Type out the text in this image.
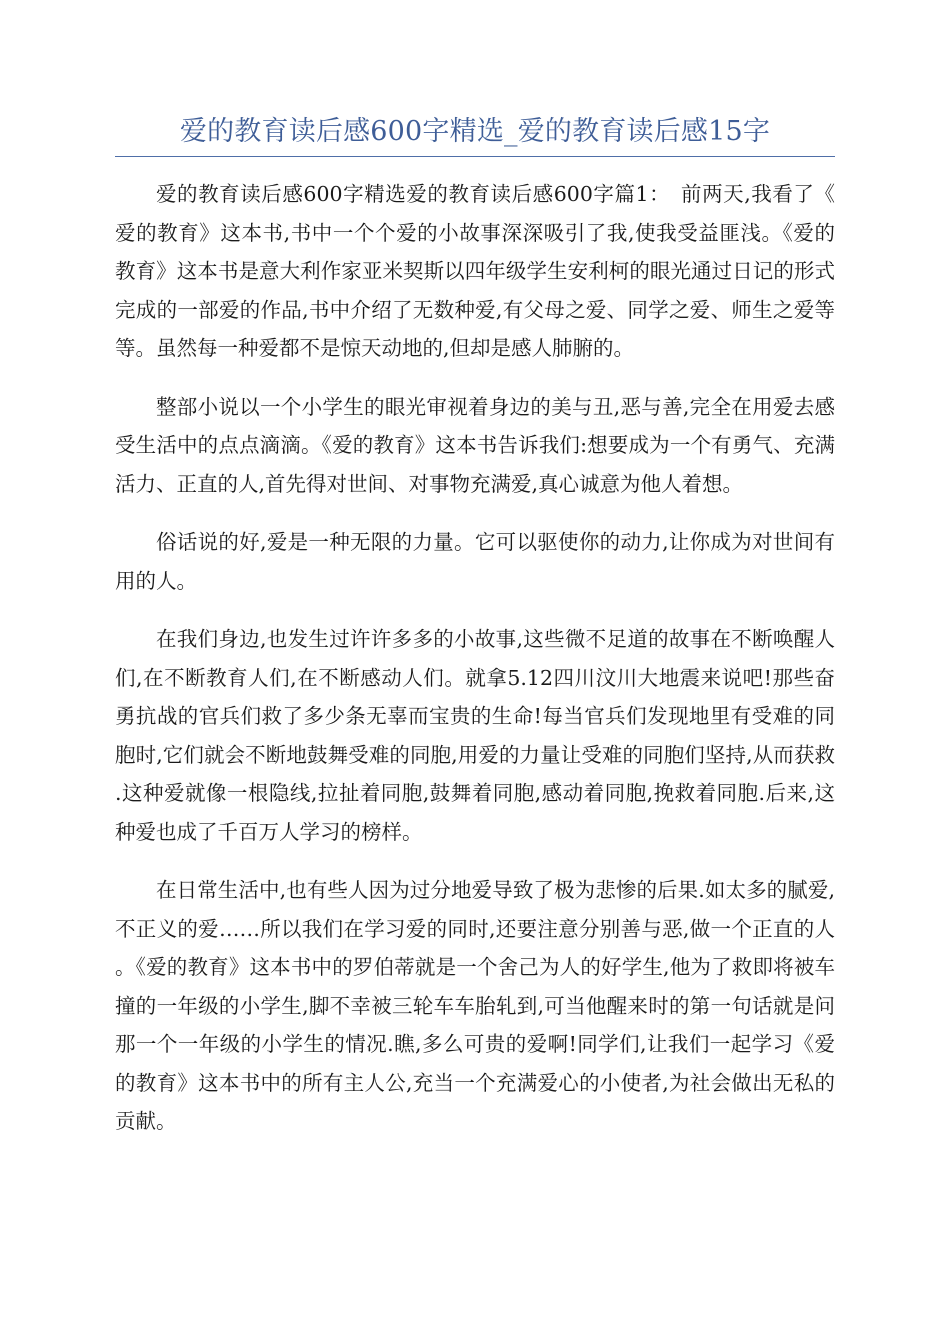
爱的教育读后感600字精选_爱的教育读后感15字

爱的教育读后感600字精选爱的教育读后感600字篇1：　前两天,我看了《爱的教育》这本书,书中一个个爱的小故事深深吸引了我,使我受益匪浅。《爱的教育》这本书是意大利作家亚米契斯以四年级学生安利柯的眼光通过日记的形式完成的一部爱的作品,书中介绍了无数种爱,有父母之爱、同学之爱、师生之爱等等。虽然每一种爱都不是惊天动地的,但却是感人肺腑的。

整部小说以一个小学生的眼光审视着身边的美与丑,恶与善,完全在用爱去感受生活中的点点滴滴。《爱的教育》这本书告诉我们:想要成为一个有勇气、充满活力、正直的人,首先得对世间、对事物充满爱,真心诚意为他人着想。

俗话说的好,爱是一种无限的力量。它可以驱使你的动力,让你成为对世间有用的人。

在我们身边,也发生过许许多多的小故事,这些微不足道的故事在不断唤醒人们,在不断教育人们,在不断感动人们。就拿5.12四川汶川大地震来说吧!那些奋勇抗战的官兵们救了多少条无辜而宝贵的生命!每当官兵们发现地里有受难的同胞时,它们就会不断地鼓舞受难的同胞,用爱的力量让受难的同胞们坚持,从而获救.这种爱就像一根隐线,拉扯着同胞,鼓舞着同胞,感动着同胞,挽救着同胞.后来,这种爱也成了千百万人学习的榜样。

在日常生活中,也有些人因为过分地爱导致了极为悲惨的后果.如太多的腻爱,不正义的爱……所以我们在学习爱的同时,还要注意分别善与恶,做一个正直的人。《爱的教育》这本书中的罗伯蒂就是一个舍己为人的好学生,他为了救即将被车撞的一年级的小学生,脚不幸被三轮车车胎轧到,可当他醒来时的第一句话就是问那一个一年级的小学生的情况.瞧,多么可贵的爱啊!同学们,让我们一起学习《爱的教育》这本书中的所有主人公,充当一个充满爱心的小使者,为社会做出无私的贡献。
